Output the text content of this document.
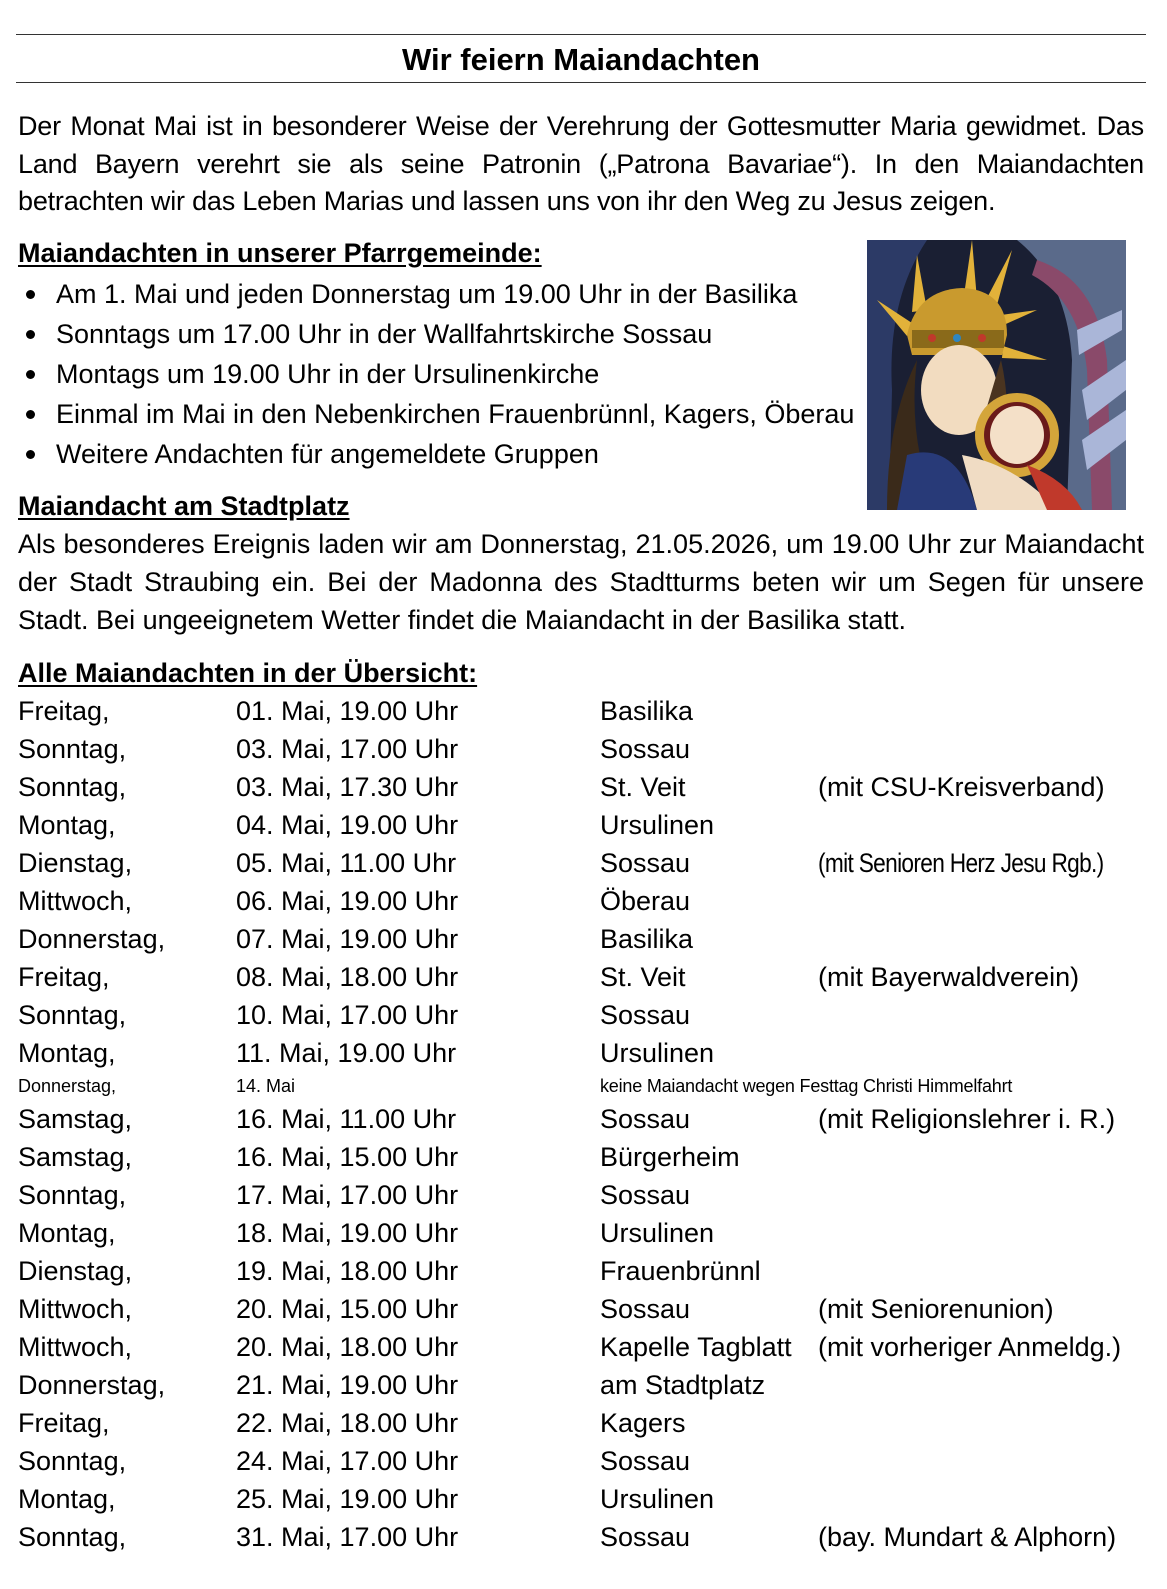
Wir feiern Maiandachten

Der Monat Mai ist in besonderer Weise der Verehrung der Gottesmutter Maria gewidmet. Das Land Bayern verehrt sie als seine Patronin („Patrona Bavariae“). In den Maiandachten betrachten wir das Leben Marias und lassen uns von ihr den Weg zu Jesus zeigen.

Maiandachten in unserer Pfarrgemeinde:
Am 1. Mai und jeden Donnerstag um 19.00 Uhr in der Basilika
Sonntags um 17.00 Uhr in der Wallfahrtskirche Sossau
Montags um 19.00 Uhr in der Ursulinenkirche
Einmal im Mai in den Nebenkirchen Frauenbrünnl, Kagers, Öberau
Weitere Andachten für angemeldete Gruppen
Maiandacht am Stadtplatz

Als besonderes Ereignis laden wir am Donnerstag, 21.05.2026, um 19.00 Uhr zur Maiandacht der Stadt Straubing ein. Bei der Madonna des Stadtturms beten wir um Segen für unsere Stadt. Bei ungeeignetem Wetter findet die Maiandacht in der Basilika statt.

Alle Maiandachten in der Übersicht:
Freitag,	01. Mai, 19.00 Uhr	Basilika
Sonntag,	03. Mai, 17.00 Uhr	Sossau
Sonntag,	03. Mai, 17.30 Uhr	St. Veit	(mit CSU-Kreisverband)
Montag,	04. Mai, 19.00 Uhr	Ursulinen
Dienstag,	05. Mai, 11.00 Uhr	Sossau	(mit Senioren Herz Jesu Rgb.)
Mittwoch,	06. Mai, 19.00 Uhr	Öberau
Donnerstag,	07. Mai, 19.00 Uhr	Basilika
Freitag,	08. Mai, 18.00 Uhr	St. Veit	(mit Bayerwaldverein)
Sonntag,	10. Mai, 17.00 Uhr	Sossau
Montag,	11. Mai, 19.00 Uhr	Ursulinen
Donnerstag,	14. Mai	keine Maiandacht wegen Festtag Christi Himmelfahrt
Samstag,	16. Mai, 11.00 Uhr	Sossau	(mit Religionslehrer i. R.)
Samstag,	16. Mai, 15.00 Uhr	Bürgerheim
Sonntag,	17. Mai, 17.00 Uhr	Sossau
Montag,	18. Mai, 19.00 Uhr	Ursulinen
Dienstag,	19. Mai, 18.00 Uhr	Frauenbrünnl
Mittwoch,	20. Mai, 15.00 Uhr	Sossau	(mit Seniorenunion)
Mittwoch,	20. Mai, 18.00 Uhr	Kapelle Tagblatt (mit vorheriger Anmeldg.)
Donnerstag,	21. Mai, 19.00 Uhr	am Stadtplatz
Freitag,	22. Mai, 18.00 Uhr	Kagers
Sonntag,	24. Mai, 17.00 Uhr	Sossau
Montag,	25. Mai, 19.00 Uhr	Ursulinen
Sonntag,	31. Mai, 17.00 Uhr	Sossau	(bay. Mundart & Alphorn)
